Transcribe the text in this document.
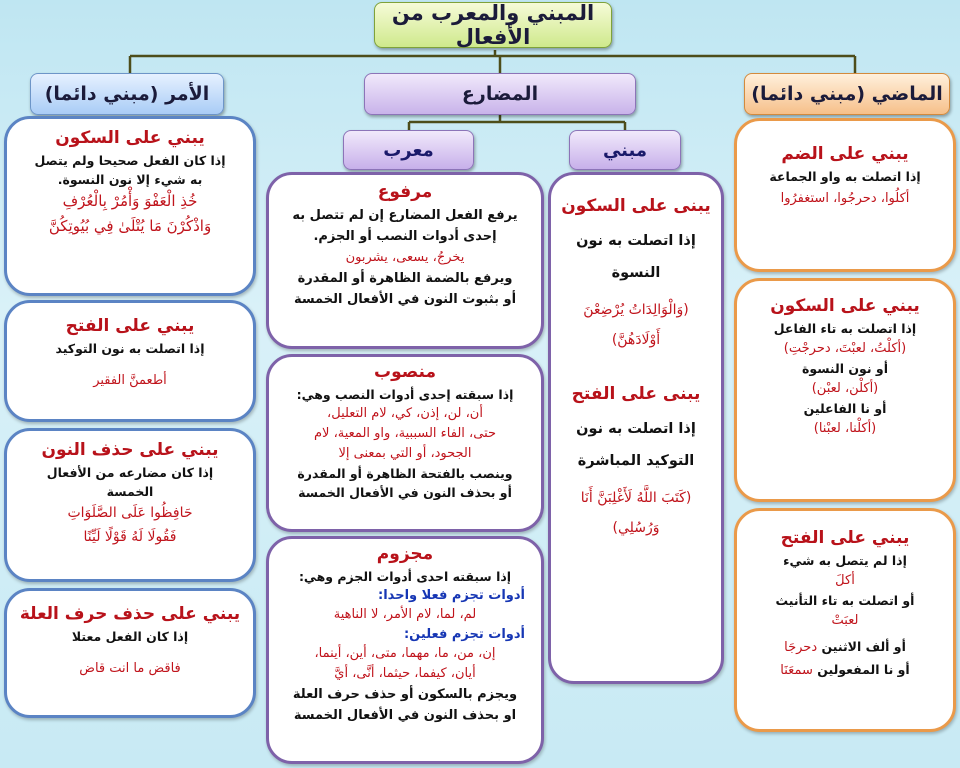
المبني والمعرب من الأفعال
الأمر (مبني دائما)	المضارع	الماضي (مبني دائما)
معرب	مبني

يبني على السكون

إذا كان الفعل صحيحا ولم يتصل

به شيء إلا نون النسوة.

خُذِ الْعَفْوَ وَأْمُرْ بِالْعُرْفِ

وَاذْكُرْنَ مَا يُتْلَىٰ فِي بُيُوتِكُنَّ

يبني على الفتح

إذا اتصلت به نون التوكيد

أطعمنَّ الفقير

يبني على حذف النون

إذا كان مضارعه من الأفعال

الخمسة

حَافِظُوا عَلَى الصَّلَوَاتِ

فَقُولَا لَهُ قَوْلًا لَيِّنًا

يبني على حذف حرف العلة

إذا كان الفعل معتلا

فاقض ما انت قاض

مرفوع

يرفع الفعل المضارع إن لم تتصل به

إحدى أدوات النصب أو الجزم.

يخرجُ، يسعى، يشربون

ويرفع بالضمة الظاهرة أو المقدرة

أو بثبوت النون في الأفعال الخمسة

منصوب

إذا سبقته إحدى أدوات النصب وهي:

أن، لن، إذن، كي، لام التعليل،

حتى، الفاء السببية، واو المعية، لام

الجحود، أو التي بمعنى إلا

وينصب بالفتحة الظاهرة أو المقدرة

أو بحذف النون في الأفعال الخمسة

مجزوم

إذا سبقته احدى أدوات الجزم وهي:

أدوات تجزم فعلا واحدا:

لم، لما، لام الأمر، لا الناهية

أدوات تجزم فعلين:

إن، من، ما، مهما، متى، أين، أينما،

أيان، كيفما، حيثما، أنَّى، أيَّ

ويجزم بالسكون أو حذف حرف العلة

او بحذف النون في الأفعال الخمسة

يبنى على السكون

إذا اتصلت به نون

النسوة

(وَالْوَالِدَاتُ يُرْضِعْنَ

أَوْلَادَهُنَّ)

يبنى على الفتح

إذا اتصلت به نون

التوكيد المباشرة

(كَتَبَ اللَّهُ لَأَغْلِبَنَّ أَنَا

وَرُسُلِي)

يبني على الضم

إذا اتصلت به واو الجماعة

أكلُوا، دحرجُوا، استغفرُوا

يبني على السكون

إذا اتصلت به تاء الفاعل

(أكلْتُ، لعبْتَ، دحرجْتِ)

أو نون النسوة

(أكلْن، لعبْن)

أو نا الفاعلين

(أكلْنا، لعبْنا)

يبني على الفتح

إذا لم يتصل به شيء

أكلَ

أو اتصلت به تاء التأنيث

لعبَتْ

أو ألف الاثنين دحرجَا

أو نا المفعولين سمعَنَا
